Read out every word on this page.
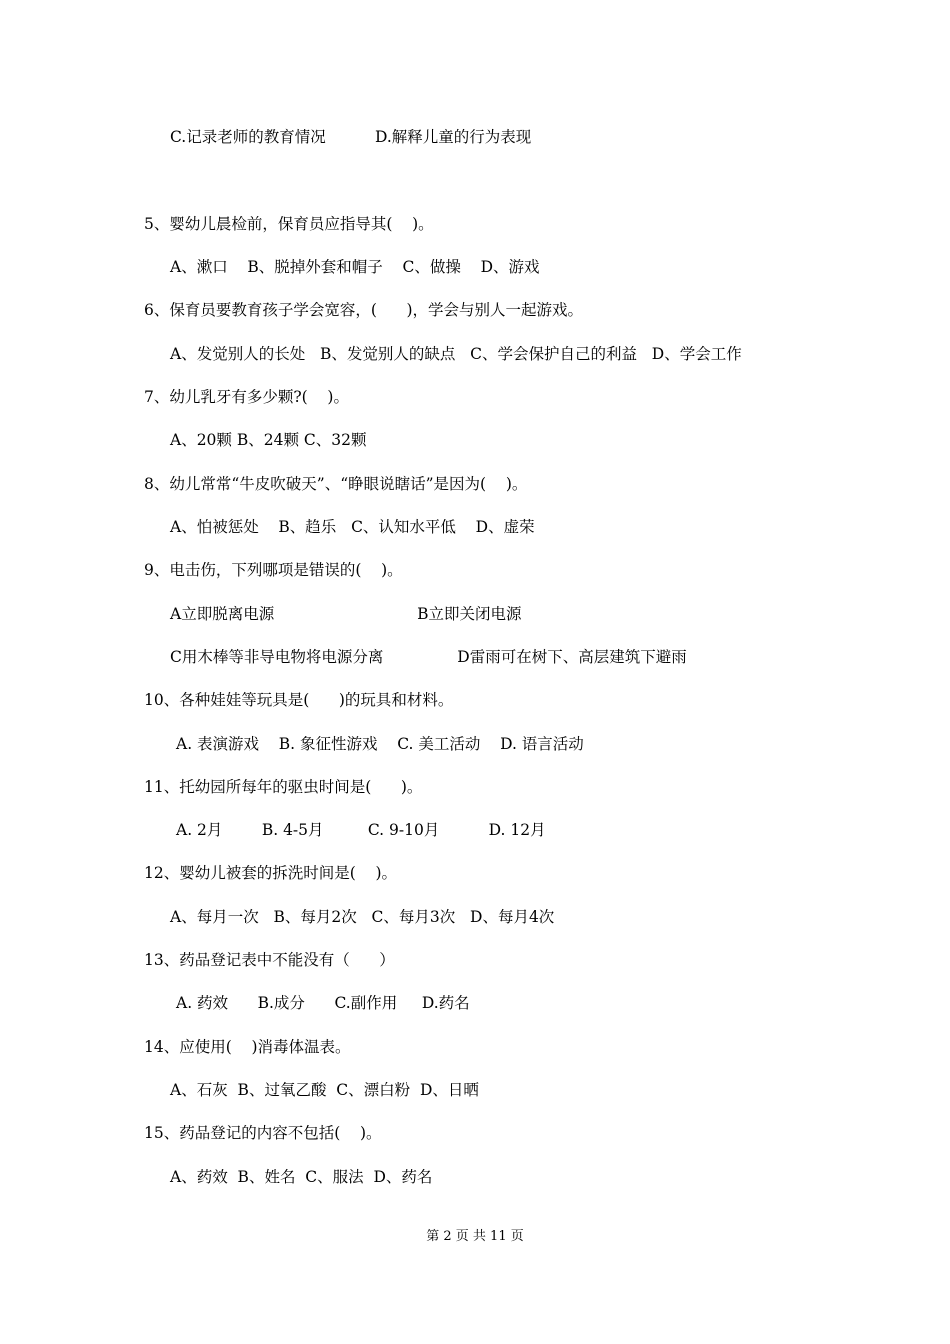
C.记录老师的教育情况          D.解释儿童的行为表现

5、婴幼儿晨检前，保育员应指导其(    )。

A、漱口    B、脱掉外套和帽子    C、做操    D、游戏

6、保育员要教育孩子学会宽容，(      )，学会与别人一起游戏。

A、发觉别人的长处   B、发觉别人的缺点   C、学会保护自己的利益   D、学会工作

7、幼儿乳牙有多少颗?(    )。

A、20颗 B、24颗 C、32颗

8、幼儿常常“牛皮吹破天”、“睁眼说瞎话”是因为(    )。

A、怕被惩处    B、趋乐   C、认知水平低    D、虚荣

9、电击伤，下列哪项是错误的(    )。

A立即脱离电源                             B立即关闭电源

C用木棒等非导电物将电源分离               D雷雨可在树下、高层建筑下避雨

10、各种娃娃等玩具是(      )的玩具和材料。

A. 表演游戏    B. 象征性游戏    C. 美工活动    D. 语言活动

11、托幼园所每年的驱虫时间是(      )。

A. 2月        B. 4-5月         C. 9-10月          D. 12月

12、婴幼儿被套的拆洗时间是(    )。

A、每月一次   B、每月2次   C、每月3次   D、每月4次

13、药品登记表中不能没有（      ）

A. 药效      B.成分      C.副作用     D.药名

14、应使用(    )消毒体温表。

A、石灰  B、过氧乙酸  C、漂白粉  D、日晒

15、药品登记的内容不包括(    )。

A、药效  B、姓名  C、服法  D、药名

第 2 页 共 11 页
